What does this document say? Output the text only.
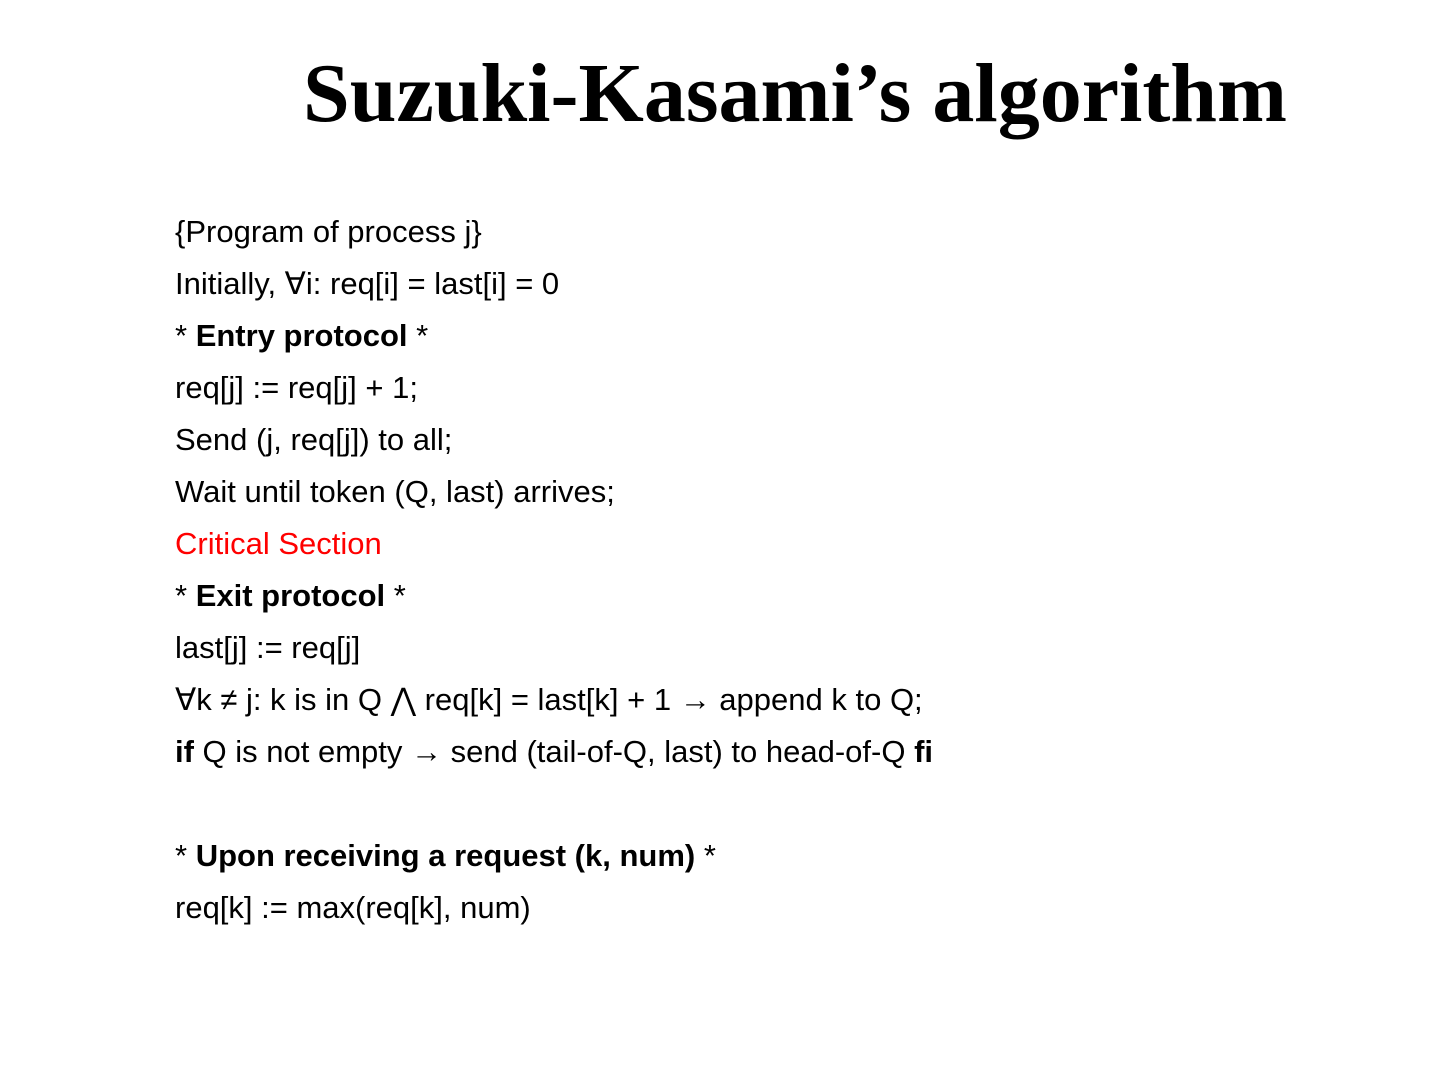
Suzuki-Kasami’s algorithm
{Program of process j}
Initially, ∀i: req[i] = last[i] = 0
* Entry protocol *
req[j] := req[j] + 1;
Send (j, req[j]) to all;
Wait until token (Q, last) arrives;
Critical Section
* Exit protocol *
last[j] := req[j]
∀k ≠ j: k is in Q ⋀ req[k] = last[k] + 1 → append k to Q;
if Q is not empty → send (tail-of-Q, last) to head-of-Q fi
* Upon receiving a request (k, num) *
req[k] := max(req[k], num)
